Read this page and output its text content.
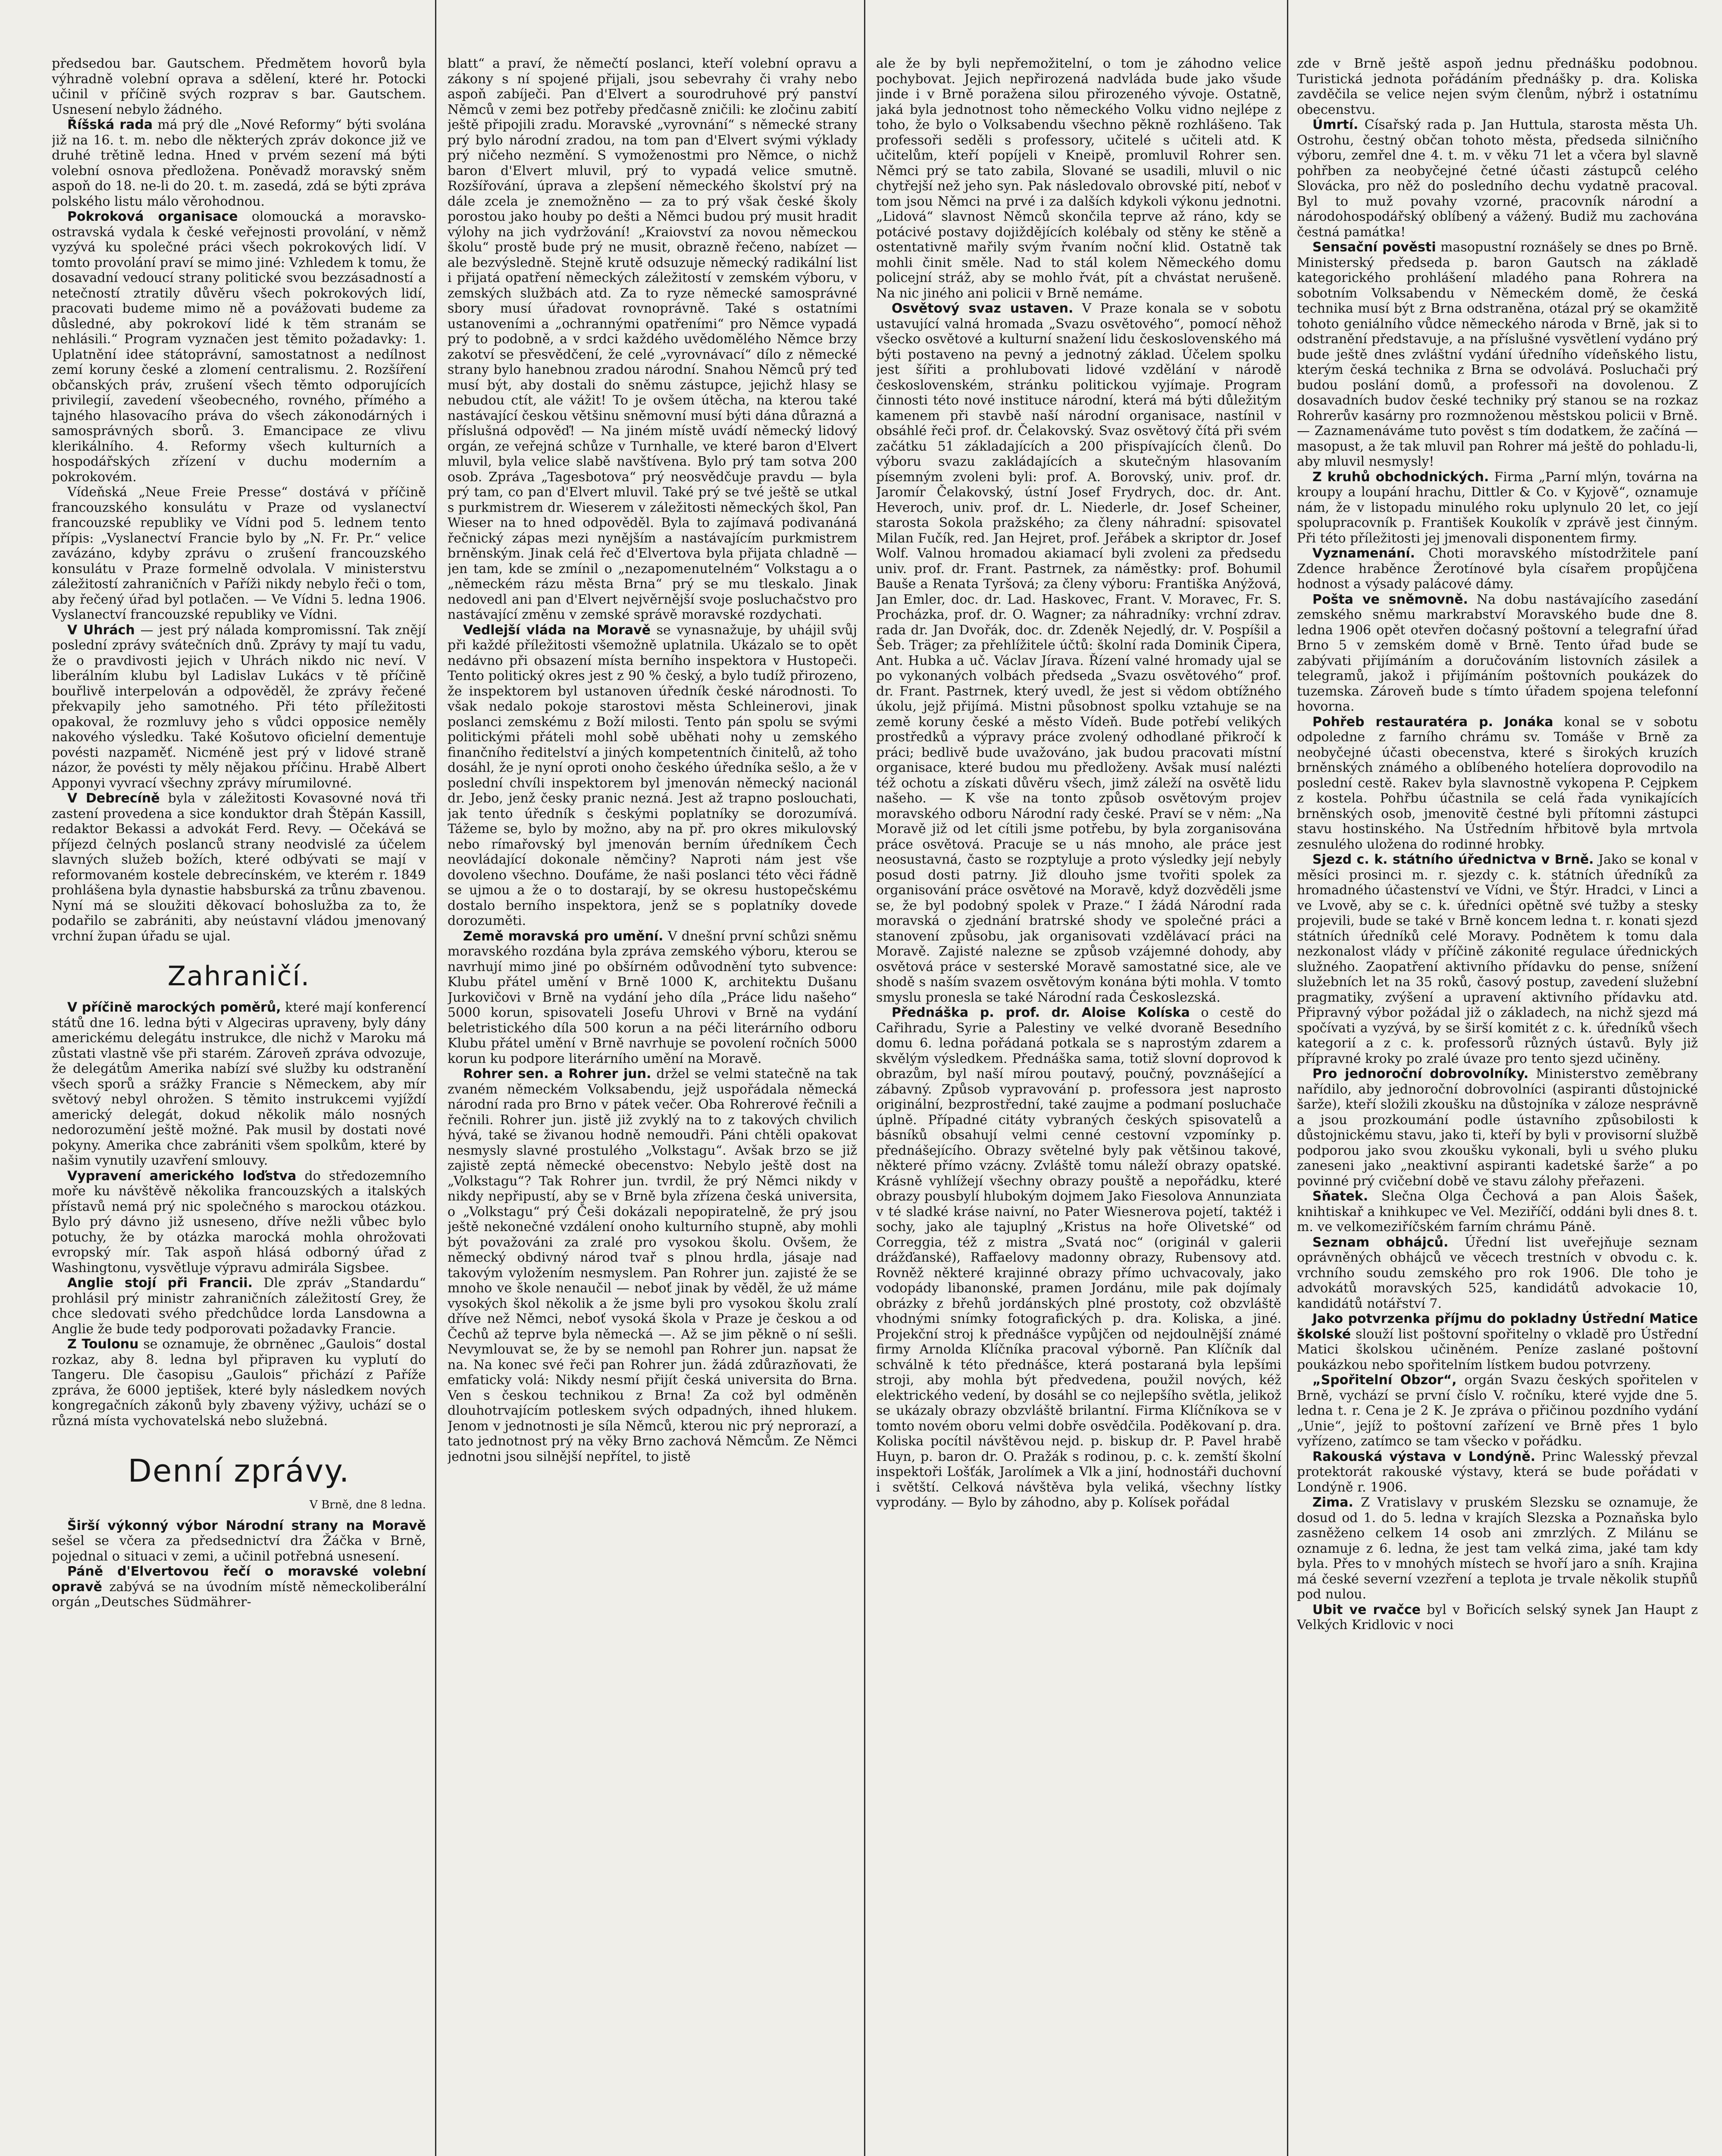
předsedou bar. Gautschem. Předmětem hovorů byla výhradně volební oprava a sdělení, které hr. Potocki učinil v příčině svých rozprav s bar. Gautschem. Usnesení nebylo žádného.

Říšská rada má prý dle „Nové Reformy“ býti svolána již na 16. t. m. nebo dle některých zpráv dokonce již ve druhé trětině ledna. Hned v prvém sezení má býti volební osnova předložena. Poněvadž moravský sněm aspoň do 18. ne-li do 20. t. m. zasedá, zdá se býti zpráva polského listu málo věrohodnou.

Pokroková organisace olomoucká a moravsko-ostravská vydala k české veřejnosti provolání, v němž vyzývá ku společné práci všech pokrokových lidí. V tomto provolání praví se mimo jiné: Vzhledem k tomu, že dosavadní vedoucí strany politické svou bezzásadností a netečností ztratily důvěru všech pokrokových lidí, pracovati budeme mimo ně a povážovati budeme za důsledné, aby pokrokoví lidé k těm stranám se nehlásili.“ Program vyznačen jest těmito požadavky: 1. Uplatnění idee státoprávní, samostatnost a nedílnost zemí koruny české a zlomení centralismu. 2. Rozšíření občanských práv, zrušení všech těmto odporujících privilegií, zavedení všeobecného, rovného, přímého a tajného hlasovacího práva do všech zákonodárných i samosprávných sborů. 3. Emancipace ze vlivu klerikálního. 4. Reformy všech kulturních a hospodářských zřízení v duchu moderním a pokrokovém.

Vídeňská „Neue Freie Presse“ dostává v příčině francouzského konsulátu v Praze od vyslanectví francouzské republiky ve Vídni pod 5. lednem tento přípis: „Vyslanectví Francie bylo by „N. Fr. Pr.“ velice zavázáno, kdyby zprávu o zrušení francouzského konsulátu v Praze formelně odvolala. V ministerstvu záležitostí zahraničních v Paříži nikdy nebylo řeči o tom, aby řečený úřad byl potlačen. — Ve Vídni 5. ledna 1906. Vyslanectví francouzské republiky ve Vídni.

V Uhrách — jest prý nálada kompromissní. Tak znějí poslední zprávy svátečních dnů. Zprávy ty mají tu vadu, že o pravdivosti jejich v Uhrách nikdo nic neví. V liberálním klubu byl Ladislav Lukács v tě příčině bouřlivě interpelován a odpověděl, že zprávy řečené překvapily jeho samotného. Při této příležitosti opakoval, že rozmluvy jeho s vůdci opposice neměly nakového výsledku. Také Košutovo oficielní dementuje povésti nazpaměť. Nicméně jest prý v lidové straně názor, že povésti ty měly nějakou příčinu. Hrabě Albert Apponyi vyvrací všechny zprávy mírumilovné.

V Debrecíně byla v záležitosti Kovasovné nová tři zastení provedena a sice konduktor drah Štěpán Kassill, redaktor Bekassi a advokát Ferd. Revy. — Očekává se příjezd čelných poslanců strany neodvislé za účelem slavných služeb božích, které odbývati se mají v reformovaném kostele debrecínském, ve kterém r. 1849 prohlášena byla dynastie habsburská za trůnu zbavenou. Nyní má se sloužiti děkovací bohoslužba za to, že podařilo se zabrániti, aby neústavní vládou jmenovaný vrchní župan úřadu se ujal.

Zahraničí.

V příčině marockých poměrů, které mají konferencí států dne 16. ledna býti v Algeciras upraveny, byly dány americkému delegátu instrukce, dle nichž v Maroku má zůstati vlastně vše při starém. Zároveň zpráva odvozuje, že delegátům Amerika nabízí své služby ku odstranění všech sporů a srážky Francie s Německem, aby mír světový nebyl ohrožen. S těmito instrukcemi vyjíždí americký delegát, dokud několik málo nosných nedorozumění ještě možné. Pak musil by dostati nové pokyny. Amerika chce zabrániti všem spolkům, které by našim vynutily uzavření smlouvy.

Vypravení amerického loďstva do středozemního moře ku návštěvě několika francouzských a italských přístavů nemá prý nic společného s marockou otázkou. Bylo prý dávno již usneseno, dříve nežli vůbec bylo potuchy, že by otázka marocká mohla ohrožovati evropský mír. Tak aspoň hlásá odborný úřad z Washingtonu, vysvětluje výpravu admirála Sigsbee.

Anglie stojí při Francii. Dle zpráv „Standardu“ prohlásil prý ministr zahraničních záležitostí Grey, že chce sledovati svého předchůdce lorda Lansdowna a Anglie že bude tedy podporovati požadavky Francie.

Z Toulonu se oznamuje, že obrněnec „Gaulois“ dostal rozkaz, aby 8. ledna byl připraven ku vyplutí do Tangeru. Dle časopisu „Gaulois“ přichází z Paříže zpráva, že 6000 jeptišek, které byly následkem nových kongregačních zákonů byly zbaveny výživy, uchází se o různá místa vychovatelská nebo služebná.

Denní zprávy.
V Brně, dne 8 ledna.

Širší výkonný výbor Národní strany na Moravě sešel se včera za předsednictví dra Žáčka v Brně, pojednal o situaci v zemi, a učinil potřebná usnesení.

Páně d'Elvertovou řečí o moravské volební opravě zabývá se na úvodním místě německoliberální orgán „Deutsches Südmährer-

blatt“ a praví, že němečtí poslanci, kteří volební opravu a zákony s ní spojené přijali, jsou sebevrahy či vrahy nebo aspoň zabíječi. Pan d'Elvert a sourodruhové prý panství Němců v zemi bez potřeby předčasně zničili: ke zločinu zabití ještě připojili zradu. Moravské „vyrovnání“ s německé strany prý bylo národní zradou, na tom pan d'Elvert svými výklady prý ničeho nezmění. S vymoženostmi pro Němce, o nichž baron d'Elvert mluvil, prý to vypadá velice smutně. Rozšířování, úprava a zlepšení německého školství prý na dále zcela je znemožněno — za to prý však české školy porostou jako houby po dešti a Němci budou prý musit hradit výlohy na jich vydržování! „Kraiovství za novou německou školu“ prostě bude prý ne musit, obrazně řečeno, nabízet — ale bezvýsledně. Stejně krutě odsuzuje německý radikální list i přijatá opatření německých záležitostí v zemském výboru, v zemských službách atd. Za to ryze německé samosprávné sbory musí úřadovat rovnoprávně. Také s ostatními ustanoveními a „ochrannými opatřeními“ pro Němce vypadá prý to podobně, a v srdci každého uvědomělého Němce brzy zakotví se přesvědčení, že celé „vyrovnávací“ dílo z německé strany bylo hanebnou zradou národní. Snahou Němců prý teď musí být, aby dostali do sněmu zástupce, jejichž hlasy se nebudou ctít, ale vážit! To je ovšem útěcha, na kterou také nastávající českou většinu sněmovní musí býti dána důrazná a příslušná odpověď! — Na jiném místě uvádí německý lidový orgán, ze veřejná schůze v Turnhalle, ve které baron d'Elvert mluvil, byla velice slabě navštívena. Bylo prý tam sotva 200 osob. Zpráva „Tagesbotova“ prý neosvědčuje pravdu — byla prý tam, co pan d'Elvert mluvil. Také prý se tvé ještě se utkal s purkmistrem dr. Wieserem v záležitosti německých škol, Pan Wieser na to hned odpověděl. Byla to zajímavá podivanáná řečnický zápas mezi nynějším a nastávajícím purkmistrem brněnským. Jinak celá řeč d'Elvertova byla přijata chladně — jen tam, kde se zmínil o „nezapomenutelném“ Volkstagu a o „německém rázu města Brna“ prý se mu tleskalo. Jinak nedovedl ani pan d'Elvert nejvěrnější svoje posluchačstvo pro nastávající změnu v zemské správě moravské rozdychati.

Vedlejší vláda na Moravě se vynasnažuje, by uhájil svůj při každé příležitosti všemožně uplatnila. Ukázalo se to opět nedávno při obsazení místa berního inspektora v Hustopeči. Tento politický okres jest z 90 % český, a bylo tudíž přirozeno, že inspektorem byl ustanoven úředník české národnosti. To však nedalo pokoje starostovi města Schleinerovi, jinak poslanci zemskému z Boží milosti. Tento pán spolu se svými politickými přáteli mohl sobě uběhati nohy u zemského finančního ředitelství a jiných kompetentních činitelů, až toho dosáhl, že je nyní oproti onoho českého úředníka sešlo, a že v poslední chvíli inspektorem byl jmenován německý nacionál dr. Jebo, jenž česky pranic nezná. Jest až trapno poslouchati, jak tento úředník s českými poplatníky se dorozumívá. Tážeme se, bylo by možno, aby na př. pro okres mikulovský nebo rímařovský byl jmenován berním úředníkem Čech neovládající dokonale němčiny? Naproti nám jest vše dovoleno všechno. Doufáme, že naši poslanci této věci řádně se ujmou a že o to dostarají, by se okresu hustopečskému dostalo berního inspektora, jenž se s poplatníky dovede dorozuměti.

Země moravská pro umění. V dnešní první schůzi sněmu moravského rozdána byla zpráva zemského výboru, kterou se navrhují mimo jiné po obšírném odůvodnění tyto subvence: Klubu přátel umění v Brně 1000 K, architektu Dušanu Jurkovičovi v Brně na vydání jeho díla „Práce lidu našeho“ 5000 korun, spisovateli Josefu Uhrovi v Brně na vydání beletristického díla 500 korun a na péči literárního odboru Klubu přátel umění v Brně navrhuje se povolení ročních 5000 korun ku podpore literárního umění na Moravě.

Rohrer sen. a Rohrer jun. držel se velmi statečně na tak zvaném německém Volksabendu, jejž uspořádala německá národní rada pro Brno v pátek večer. Oba Rohrerové řečnili a řečnili. Rohrer jun. jistě již zvyklý na to z takových chvilich hývá, také se živanou hodně nemoudři. Páni chtěli opakovat nesmysly slavné prostulého „Volkstagu“. Avšak brzo se již zajistě zeptá německé obecenstvo: Nebylo ještě dost na „Volkstagu“? Tak Rohrer jun. tvrdil, že prý Němci nikdy v nikdy nepřipustí, aby se v Brně byla zřízena česká universita, o „Volkstagu“ prý Češi dokázali nepopiratelně, že prý jsou ještě nekonečné vzdálení onoho kulturního stupně, aby mohli být považováni za zralé pro vysokou školu. Ovšem, že německý obdivný národ tvař s plnou hrdla, jásaje nad takovým vyložením nesmyslem. Pan Rohrer jun. zajisté že se mnoho ve škole nenaučil — neboť jinak by věděl, že už máme vysokých škol několik a že jsme byli pro vysokou školu zralí dříve než Němci, neboť vysoká škola v Praze je českou a od Čechů až teprve byla německá —. Až se jim pěkně o ní sešli. Nevymlouvat se, že by se nemohl pan Rohrer jun. napsat že na. Na konec své řeči pan Rohrer jun. žádá zdůrazňovati, že emfaticky volá: Nikdy nesmí přijít česká universita do Brna. Ven s českou technikou z Brna! Za což byl odměněn dlouhotrvajícím potleskem svých odpadných, ihned hlukem. Jenom v jednotnosti je síla Němců, kterou nic prý neprorazí, a tato jednotnost prý na věky Brno zachová Němcům. Ze Němci jednotni jsou silnější nepřítel, to jistě

ale že by byli nepřemožitelní, o tom je záhodno velice pochybovat. Jejich nepřirozená nadvláda bude jako všude jinde i v Brně poražena silou přirozeného vývoje. Ostatně, jaká byla jednotnost toho německého Volku vidno nejlépe z toho, že bylo o Volksabendu všechno pěkně rozhlášeno. Tak professoři seděli s professory, učitelé s učiteli atd. K učitelům, kteří popíjeli v Kneipě, promluvil Rohrer sen. Němci prý se tato zabila, Slované se usadili, mluvil o nic chytřejší než jeho syn. Pak následovalo obrovské pití, neboť v tom jsou Němci na prvé i za dalších kdykoli výkonu jednotni. „Lidová“ slavnost Němců skončila teprve až ráno, kdy se potácivé postavy dojiždějících kolébaly od stěny ke stěně a ostentativně mařily svým řvaním noční klid. Ostatně tak mohli činit směle. Nad to stál kolem Německého domu policejní stráž, aby se mohlo řvát, pít a chvástat nerušeně. Na nic jiného ani policii v Brně nemáme.

Osvětový svaz ustaven. V Praze konala se v sobotu ustavující valná hromada „Svazu osvětového“, pomocí něhož všecko osvětové a kulturní snažení lidu československého má býti postaveno na pevný a jednotný základ. Účelem spolku jest šířiti a prohlubovati lidové vzdělání v národě československém, stránku politickou vyjímaje. Program činnosti této nové instituce národní, která má býti důležitým kamenem při stavbě naší národní organisace, nastínil v obsáhlé řeči prof. dr. Čelakovský. Svaz osvětový čítá při svém začátku 51 základajících a 200 přispívajících členů. Do výboru svazu zakládajících a skutečným hlasovaním písemným zvoleni byli: prof. A. Borovský, univ. prof. dr. Jaromír Čelakovský, ústní Josef Frydrych, doc. dr. Ant. Heveroch, univ. prof. dr. L. Niederle, dr. Josef Scheiner, starosta Sokola pražského; za členy náhradní: spisovatel Milan Fučík, red. Jan Hejret, prof. Jeřábek a skriptor dr. Josef Wolf. Valnou hromadou akiamací byli zvoleni za předsedu univ. prof. dr. Frant. Pastrnek, za náměstky: prof. Bohumil Bauše a Renata Tyršová; za členy výboru: Františka Anýžová, Jan Emler, doc. dr. Lad. Haskovec, Frant. V. Moravec, Fr. S. Procházka, prof. dr. O. Wagner; za náhradníky: vrchní zdrav. rada dr. Jan Dvořák, doc. dr. Zdeněk Nejedlý, dr. V. Pospíšil a Šeb. Träger; za přehlížitele účtů: školní rada Dominik Čipera, Ant. Hubka a uč. Václav Jírava. Řízení valné hromady ujal se po vykonaných volbách předseda „Svazu osvětového“ prof. dr. Frant. Pastrnek, který uvedl, že jest si vědom obtížného úkolu, jejž přijímá. Mistni působnost spolku vztahuje se na země koruny české a město Vídeň. Bude potřebí velikých prostředků a výpravy práce zvolený odhodlané přikročí k práci; bedlivě bude uvažováno, jak budou pracovati místní organisace, které budou mu předloženy. Avšak musí nalézti též ochotu a získati důvěru všech, jimž záleží na osvětě lidu našeho. — K vše na tonto způsob osvětovým projev moravského odboru Národní rady české. Praví se v něm: „Na Moravě již od let cítili jsme potřebu, by byla zorganisována práce osvětová. Pracuje se u nás mnoho, ale práce jest neosustavná, často se rozptyluje a proto výsledky její nebyly posud dosti patrny. Již dlouho jsme tvořiti spolek za organisování práce osvětové na Moravě, když dozvěděli jsme se, že byl podobný spolek v Praze.“ I žádá Národní rada moravská o zjednání bratrské shody ve společné práci a stanovení způsobu, jak organisovati vzdělávací práci na Moravě. Zajisté nalezne se způsob vzájemné dohody, aby osvětová práce v sesterské Moravě samostatné sice, ale ve shodě s naším svazem osvětovým konána býti mohla. V tomto smyslu pronesla se také Národní rada Českoslezská.

Přednáška p. prof. dr. Aloise Kolíska o cestě do Cařihradu, Syrie a Palestiny ve velké dvoraně Besedního domu 6. ledna pořádaná potkala se s naprostým zdarem a skvělým výsledkem. Přednáška sama, totiž slovní doprovod k obrazům, byl naší mírou poutavý, poučný, povznášející a zábavný. Způsob vypravování p. professora jest naprosto originální, bezprostřední, také zaujme a podmaní posluchače úplně. Případné citáty vybraných českých spisovatelů a básníků obsahují velmi cenné cestovní vzpomínky p. přednášejícího. Obrazy světelné byly pak většinou takové, některé přímo vzácny. Zvláště tomu náleží obrazy opatské. Krásně vyhlížejí všechny obrazy pouště a nepořádku, které obrazy pousbylí hlubokým dojmem Jako Fiesolova Annunziata v té sladké kráse naivní, no Pater Wiesnerova pojetí, taktéž i sochy, jako ale tajuplný „Kristus na hoře Olivetské“ od Correggia, též z mistra „Svatá noc“ (originál v galerii drážďanské), Raffaelovy madonny obrazy, Rubensovy atd. Rovněž některé krajinné obrazy přímo uchvacovaly, jako vodopády libanonské, pramen Jordánu, mile pak dojímaly obrázky z břehů jordánských plné prostoty, což obzvláště vhodnými snímky fotografických p. dra. Koliska, a jiné. Projekční stroj k přednášce vypůjčen od nejdoulnější známé firmy Arnolda Klíčníka pracoval výborně. Pan Klíčník dal schválně k této přednášce, která postaraná byla lepšími stroji, aby mohla být předvedena, použil nových, kéž elektrického vedení, by dosáhl se co nejlepšího světla, jelikož se ukázaly obrazy obzvláště brilantní. Firma Klíčníkova se v tomto novém oboru velmi dobře osvědčila. Poděkovaní p. dra. Koliska pocítil návštěvou nejd. p. biskup dr. P. Pavel hrabě Huyn, p. baron dr. O. Pražák s rodinou, p. c. k. zemští školní inspektoři Lošťák, Jarolímek a Vlk a jiní, hodnostáři duchovní i světští. Celková návštěva byla veliká, všechny lístky vyprodány. — Bylo by záhodno, aby p. Kolísek pořádal

zde v Brně ještě aspoň jednu přednášku podobnou. Turistická jednota pořádáním přednášky p. dra. Koliska zavděčila se velice nejen svým členům, nýbrž i ostatnímu obecenstvu.

Úmrtí. Císařský rada p. Jan Huttula, starosta města Uh. Ostrohu, čestný občan tohoto města, předseda silničního výboru, zemřel dne 4. t. m. v věku 71 let a včera byl slavně pohřben za neobyčejné četné účasti zástupců celého Slovácka, pro něž do posledního dechu vydatně pracoval. Byl to muž povahy vzorné, pracovník národní a národohospodářský oblíbený a vážený. Budiž mu zachována čestná památka!

Sensační pověsti masopustní roznášely se dnes po Brně. Ministerský předseda p. baron Gautsch na základě kategorického prohlášení mladého pana Rohrera na sobotním Volksabendu v Německém domě, že česká technika musí být z Brna odstraněna, otázal prý se okamžitě tohoto geniálního vůdce německého národa v Brně, jak si to odstranění představuje, a na příslušné vysvětlení vydáno prý bude ještě dnes zvláštní vydání úředního vídeňského listu, kterým česká technika z Brna se odvolává. Posluchači prý budou poslání domů, a professoři na dovolenou. Z dosavadních budov české techniky prý stanou se na rozkaz Rohrerův kasárny pro rozmnoženou městskou policii v Brně. — Zaznamenáváme tuto pověst s tím dodatkem, že začíná — masopust, a že tak mluvil pan Rohrer má ještě do pohladu-li, aby mluvil nesmysly!

Z kruhů obchodnických. Firma „Parní mlýn, továrna na kroupy a loupání hrachu, Dittler & Co. v Kyjově“, oznamuje nám, že v listopadu minulého roku uplynulo 20 let, co její spolupracovník p. František Koukolík v zprávě jest činným. Při této příležitosti jej jmenovali disponentem firmy.

Vyznamenání. Choti moravského místodržitele paní Zdence hraběnce Žerotínové byla císařem propůjčena hodnost a výsady palácové dámy.

Pošta ve sněmovně. Na dobu nastávajícího zasedání zemského sněmu markrabství Moravského bude dne 8. ledna 1906 opět otevřen dočasný poštovní a telegrafní úřad Brno 5 v zemském domě v Brně. Tento úřad bude se zabývati přijímáním a doručováním listovních zásilek a telegramů, jakož i přijímáním poštovních poukázek do tuzemska. Zároveň bude s tímto úřadem spojena telefonní hovorna.

Pohřeb restauratéra p. Jonáka konal se v sobotu odpoledne z farního chrámu sv. Tomáše v Brně za neobyčejné účasti obecenstva, které s širokých kruzích brněnských známého a oblíbeného hotelíera doprovodilo na poslední cestě. Rakev byla slavnostně vykopena P. Cejpkem z kostela. Pohřbu účastnila se celá řada vynikajících brněnských osob, jmenovitě čestné byli přítomni zástupci stavu hostinského. Na Ústředním hřbitově byla mrtvola zesnulého uložena do rodinné hrobky.

Sjezd c. k. státního úřednictva v Brně. Jako se konal v měsíci prosinci m. r. sjezdy c. k. státních úředníků za hromadného účastenství ve Vídni, ve Štýr. Hradci, v Linci a ve Lvově, aby se c. k. úředníci opětně své tužby a stesky projevili, bude se také v Brně koncem ledna t. r. konati sjezd státních úředníků celé Moravy. Podnětem k tomu dala nezkonalost vlády v příčině zákonité regulace úřednických služného. Zaopatření aktivního přídavku do pense, snížení služebních let na 35 roků, časový postup, zavedení služební pragmatiky, zvýšení a upravení aktivního přídavku atd. Připravný výbor požádal již o základech, na nichž sjezd má spočívati a vyzývá, by se širší komitét z c. k. úředníků všech kategorií a z c. k. professorů různých ústavů. Byly již přípravné kroky po zralé úvaze pro tento sjezd učiněny.

Pro jednoroční dobrovolníky. Ministerstvo zeměbrany nařídilo, aby jednoroční dobrovolníci (aspiranti důstojnické šarže), kteří složili zkoušku na důstojníka v záloze nesprávně a jsou prozkoumání podle ústavního způsobilosti k důstojnickému stavu, jako ti, kteří by byli v provisorní službě podporou jako svou zkoušku vykonali, byli u svého pluku zaneseni jako „neaktivní aspiranti kadetské šarže“ a po povinné prý cvičební době ve stavu zálohy přeřazeni.

Sňatek. Slečna Olga Čechová a pan Alois Šašek, knihtiskař a knihkupec ve Vel. Meziříčí, oddáni byli dnes 8. t. m. ve velkomeziříčském farním chrámu Páně.

Seznam obhájců. Úřední list uveřejňuje seznam oprávněných obhájců ve věcech trestních v obvodu c. k. vrchního soudu zemského pro rok 1906. Dle toho je advokátů moravských 525, kandidátů advokacie 10, kandidátů notářství 7.

Jako potvrzenka příjmu do pokladny Ústřední Matice školské slouží list poštovní spořitelny o vkladě pro Ústřední Matici školskou učiněném. Peníze zaslané poštovní poukázkou nebo spořitelním lístkem budou potvrzeny.

„Spořitelní Obzor“, orgán Svazu českých spořitelen v Brně, vychází se první číslo V. ročníku, které vyjde dne 5. ledna t. r. Cena je 2 K. Je zpráva o přičinou pozdního vydání „Unie“, jejíž to poštovní zařízení ve Brně přes 1 bylo vyřízeno, zatímco se tam všecko v pořádku.

Rakouská výstava v Londýně. Princ Walesský převzal protektorát rakouské výstavy, která se bude pořádati v Londýně r. 1906.

Zima. Z Vratislavy v pruském Slezsku se oznamuje, že dosud od 1. do 5. ledna v krajích Slezska a Poznaňska bylo zasněženo celkem 14 osob ani zmrzlých. Z Milánu se oznamuje z 6. ledna, že jest tam velká zima, jaké tam kdy byla. Přes to v mnohých místech se hvoří jaro a sníh. Krajina má české severní vzezření a teplota je trvale několik stupňů pod nulou.

Ubit ve rvačce byl v Bořicích selský synek Jan Haupt z Velkých Kridlovic v noci
